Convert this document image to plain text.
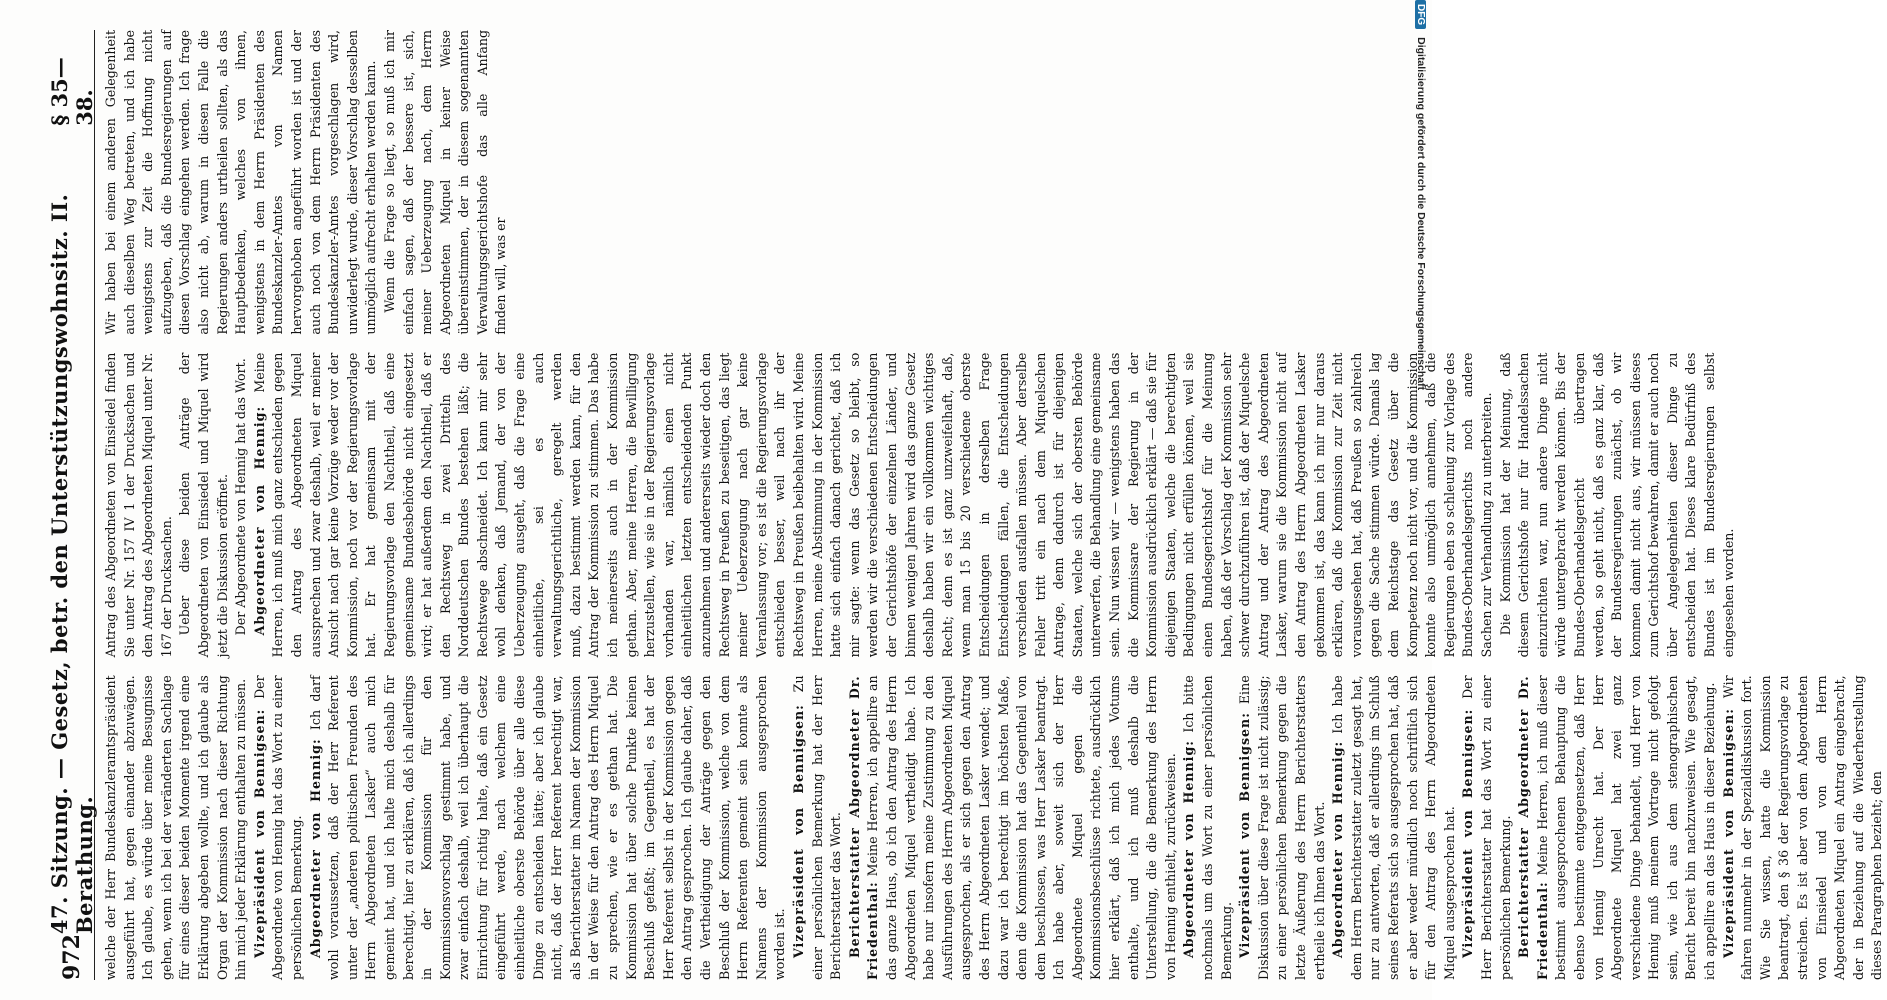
972
47. Sitzung. — Gesetz, betr. den Unterstützungswohnsitz. II. Berathung.
§ 35—38.

welche der Herr Bundeskanzleramtspräsident ausgeführt hat, gegen einander abzuwägen. Ich glaube, es würde über meine Besugnisse gehen, wenn ich bei der veränderten Sachlage für eines dieser beiden Momente irgend eine Erklärung abgeben wollte, und ich glaube als Organ der Kommission nach dieser Richtung hin mich jeder Erklärung enthalten zu müssen. Vizepräsident von Bennigsen: Der Abgeordnete von Hennig hat das Wort zu einer persönlichen Bemerkung. Abgeordneter von Hennig: Ich darf wohl voraussetzen, daß der Herr Referent unter der „anderen politischen Freunden des Herrn Abgeordneten Lasker“ auch mich gemeint hat, und ich halte mich deshalb für berechtigt, hier zu erklären, daß ich allerdings in der Kommission für den Kommissionsvorschlag gestimmt habe, und zwar einfach deshalb, weil ich überhaupt die Einrichtung für richtig halte, daß ein Gesetz eingeführt werde, nach welchem eine einheitliche oberste Behörde über alle diese Dinge zu entscheiden hätte; aber ich glaube nicht, daß der Herr Referent berechtigt war, als Berichterstatter im Namen der Kommission in der Weise für den Antrag des Herrn Miquel zu sprechen, wie er es gethan hat. Die Kommission hat über solche Punkte keinen Beschluß gefaßt; im Gegentheil, es hat der Herr Referent selbst in der Kommission gegen den Antrag gesprochen. Ich glaube daher, daß die Vertheidigung der Anträge gegen den Beschluß der Kommission, welche von dem Herrn Referenten gemeint sein konnte als Namens der Kommission ausgesprochen worden ist. Vizepräsident von Bennigsen: Zu einer persönlichen Bemerkung hat der Herr Berichterstatter das Wort. Berichterstatter Abgeordneter Dr. Friedenthal: Meine Herren, ich appellire an das ganze Haus, ob ich den Antrag des Herrn Abgeordneten Miquel vertheidigt habe. Ich habe nur insofern meine Zustimmung zu den Ausführungen des Herrn Abgeordneten Miquel ausgesprochen, als er sich gegen den Antrag des Herrn Abgeordneten Lasker wendet; und dazu war ich berechtigt im höchsten Maße, denn die Kommission hat das Gegentheil von dem beschlossen, was Herr Lasker beantragt. Ich habe aber, soweit sich der Herr Abgeordnete Miquel gegen die Kommissionsbeschlüsse richtete, ausdrücklich hier erklärt, daß ich mich jedes Votums enthalte, und ich muß deshalb die Unterstellung, die die Bemerkung des Herrn von Hennig enthielt, zurückweisen. Abgeordneter von Hennig: Ich bitte nochmals um das Wort zu einer persönlichen Bemerkung. Vizepräsident von Bennigsen: Eine Diskussion über diese Frage ist nicht zulässig; zu einer persönlichen Bemerkung gegen die letzte Äußerung des Herrn Berichterstatters ertheile ich Ihnen das Wort. Abgeordneter von Hennig: Ich habe dem Herrn Berichterstatter zuletzt gesagt hat, nur zu antworten, daß er allerdings im Schluß seines Referats sich so ausgesprochen hat, daß er aber weder mündlich noch schriftlich sich für den Antrag des Herrn Abgeordneten Miquel ausgesprochen hat. Vizepräsident von Bennigsen: Der Herr Berichterstatter hat das Wort zu einer persönlichen Bemerkung. Berichterstatter Abgeordneter Dr. Friedenthal: Meine Herren, ich muß dieser bestimmt ausgesprochenen Behauptung die ebenso bestimmte entgegensetzen, daß Herr von Hennig Unrecht hat. Der Herr Abgeordnete Miquel hat zwei ganz verschiedene Dinge behandelt, und Herr von Hennig muß meinem Vortrage nicht gefolgt sein, wie ich aus dem stenographischen Bericht bereit bin nachzuweisen. Wie gesagt, ich appellire an das Haus in dieser Beziehung. Vizepräsident von Bennigsen: Wir fahren nunmehr in der Spezialdiskussion fort. Wie Sie wissen, hatte die Kommission beantragt, den § 36 der Regierungsvorlage zu streichen. Es ist aber von dem Abgeordneten von Einsiedel und von dem Herrn Abgeordneten Miquel ein Antrag eingebracht, der in Beziehung auf die Wiederherstellung dieses Paragraphen bezieht; den

Antrag des Abgeordneten von Einsiedel finden Sie unter Nr. 157 IV 1 der Drucksachen und den Antrag des Abgeordneten Miquel unter Nr. 167 der Drucksachen. Ueber diese beiden Anträge der Abgeordneten von Einsiedel und Miquel wird jetzt die Diskussion eröffnet. Der Abgeordnete von Hennig hat das Wort. Abgeordneter von Hennig: Meine Herren, ich muß mich ganz entschieden gegen den Antrag des Abgeordneten Miquel aussprechen und zwar deshalb, weil er meiner Ansicht nach gar keine Vorzüge weder vor der Kommission, noch vor der Regierungsvorlage hat. Er hat gemeinsam mit der Regierungsvorlage den Nachtheil, daß eine gemeinsame Bundesbehörde nicht eingesetzt wird; er hat außerdem den Nachtheil, daß er den Rechtsweg in zwei Dritteln des Norddeutschen Bundes bestehen läßt; die Rechtswege abschneidet. Ich kann mir sehr wohl denken, daß Jemand, der von der Ueberzeugung ausgeht, daß die Frage eine einheitliche, sei es auch verwaltungsgerichtliche, geregelt werden muß, dazu bestimmt werden kann, für den Antrag der Kommission zu stimmen. Das habe ich meinerseits auch in der Kommission gethan. Aber, meine Herren, die Bewilligung herzustellen, wie sie in der Regierungsvorlage vorhanden war, nämlich einen nicht einheitlichen letzten entscheidenden Punkt anzunehmen und andererseits wieder doch den Rechtsweg in Preußen zu beseitigen, das liegt meiner Ueberzeugung nach gar keine Veranlassung vor; es ist die Regierungsvorlage entschieden besser, weil nach ihr der Rechtsweg in Preußen beibehalten wird. Meine Herren, meine Abstimmung in der Kommission hatte sich einfach danach gerichtet, daß ich mir sagte: wenn das Gesetz so bleibt, so werden wir die verschiedenen Entscheidungen der Gerichtshöfe der einzelnen Länder, und binnen wenigen Jahren wird das ganze Gesetz deshalb haben wir ein vollkommen wichtiges Recht; denn es ist ganz unzweifelhaft, daß, wenn man 15 bis 20 verschiedene oberste Entscheidungen in derselben Frage Entscheidungen fällen, die Entscheidungen verschieden ausfallen müssen. Aber derselbe Fehler tritt ein nach dem Miquelschen Antrage, denn dadurch ist für diejenigen Staaten, welche sich der obersten Behörde unterwerfen, die Behandlung eine gemeinsame sein. Nun wissen wir — wenigstens haben das die Kommissare der Regierung in der Kommission ausdrücklich erklärt — daß sie für diejenigen Staaten, welche die berechtigten Bedingungen nicht erfüllen können, weil sie einen Bundesgerichtshof für die Meinung haben, daß der Vorschlag der Kommission sehr schwer durchzuführen ist, daß der Miquelsche Antrag und der Antrag des Abgeordneten Lasker, warum sie die Kommission nicht auf den Antrag des Herrn Abgeordneten Lasker gekommen ist, das kann ich mir nur daraus erklären, daß die Kommission zur Zeit nicht vorausgesehen hat, daß Preußen so zahlreich gegen die Sache stimmen würde. Damals lag dem Reichstage das Gesetz über die Kompetenz noch nicht vor, und die Kommission konnte also unmöglich annehmen, daß die Regierungen eben so schleunig zur Vorlage des Bundes-Oberhandelsgerichts noch andere Sachen zur Verhandlung zu unterbreiten. Die Kommission hat der Meinung, daß diesem Gerichtshofe nur für Handelssachen einzurichten war, nun andere Dinge nicht würde untergebracht werden können. Bis der Bundes-Oberhandelsgericht übertragen werden, so geht nicht, daß es ganz klar, daß der Bundesregierungen zunächst, ob wir kommen damit nicht aus, wir müssen dieses zum Gerichtshof bewahren, damit er auch noch über Angelegenheiten dieser Dinge zu entscheiden hat. Dieses klare Bedürfniß des Bundes ist im Bundesregierungen selbst eingesehen worden.

Wir haben bei einem anderen Gelegenheit auch dieselben Weg betreten, und ich habe wenigstens zur Zeit die Hoffnung nicht aufzugeben, daß die Bundesregierungen auf diesen Vorschlag eingehen werden. Ich frage also nicht ab, warum in diesen Falle die Regierungen anders urtheilen sollten, als das Hauptbedenken, welches von ihnen, wenigstens in dem Herrn Präsidenten des Bundeskanzler-Amtes von Namen hervorgehoben angeführt worden ist und der auch noch von dem Herrn Präsidenten des Bundeskanzler-Amtes vorgeschlagen wird, unwiderlegt wurde, dieser Vorschlag desselben unmöglich aufrecht erhalten werden kann. Wenn die Frage so liegt, so muß ich mir einfach sagen, daß der bessere ist, sich, meiner Ueberzeugung nach, dem Herrn Abgeordneten Miquel in keiner Weise übereinstimmen, der in diesem sogenannten Verwaltungsgerichtshofe das alle Anfang finden will, was er

DFG
Digitalisierung gefördert durch die Deutsche Forschungsgemeinschaft
